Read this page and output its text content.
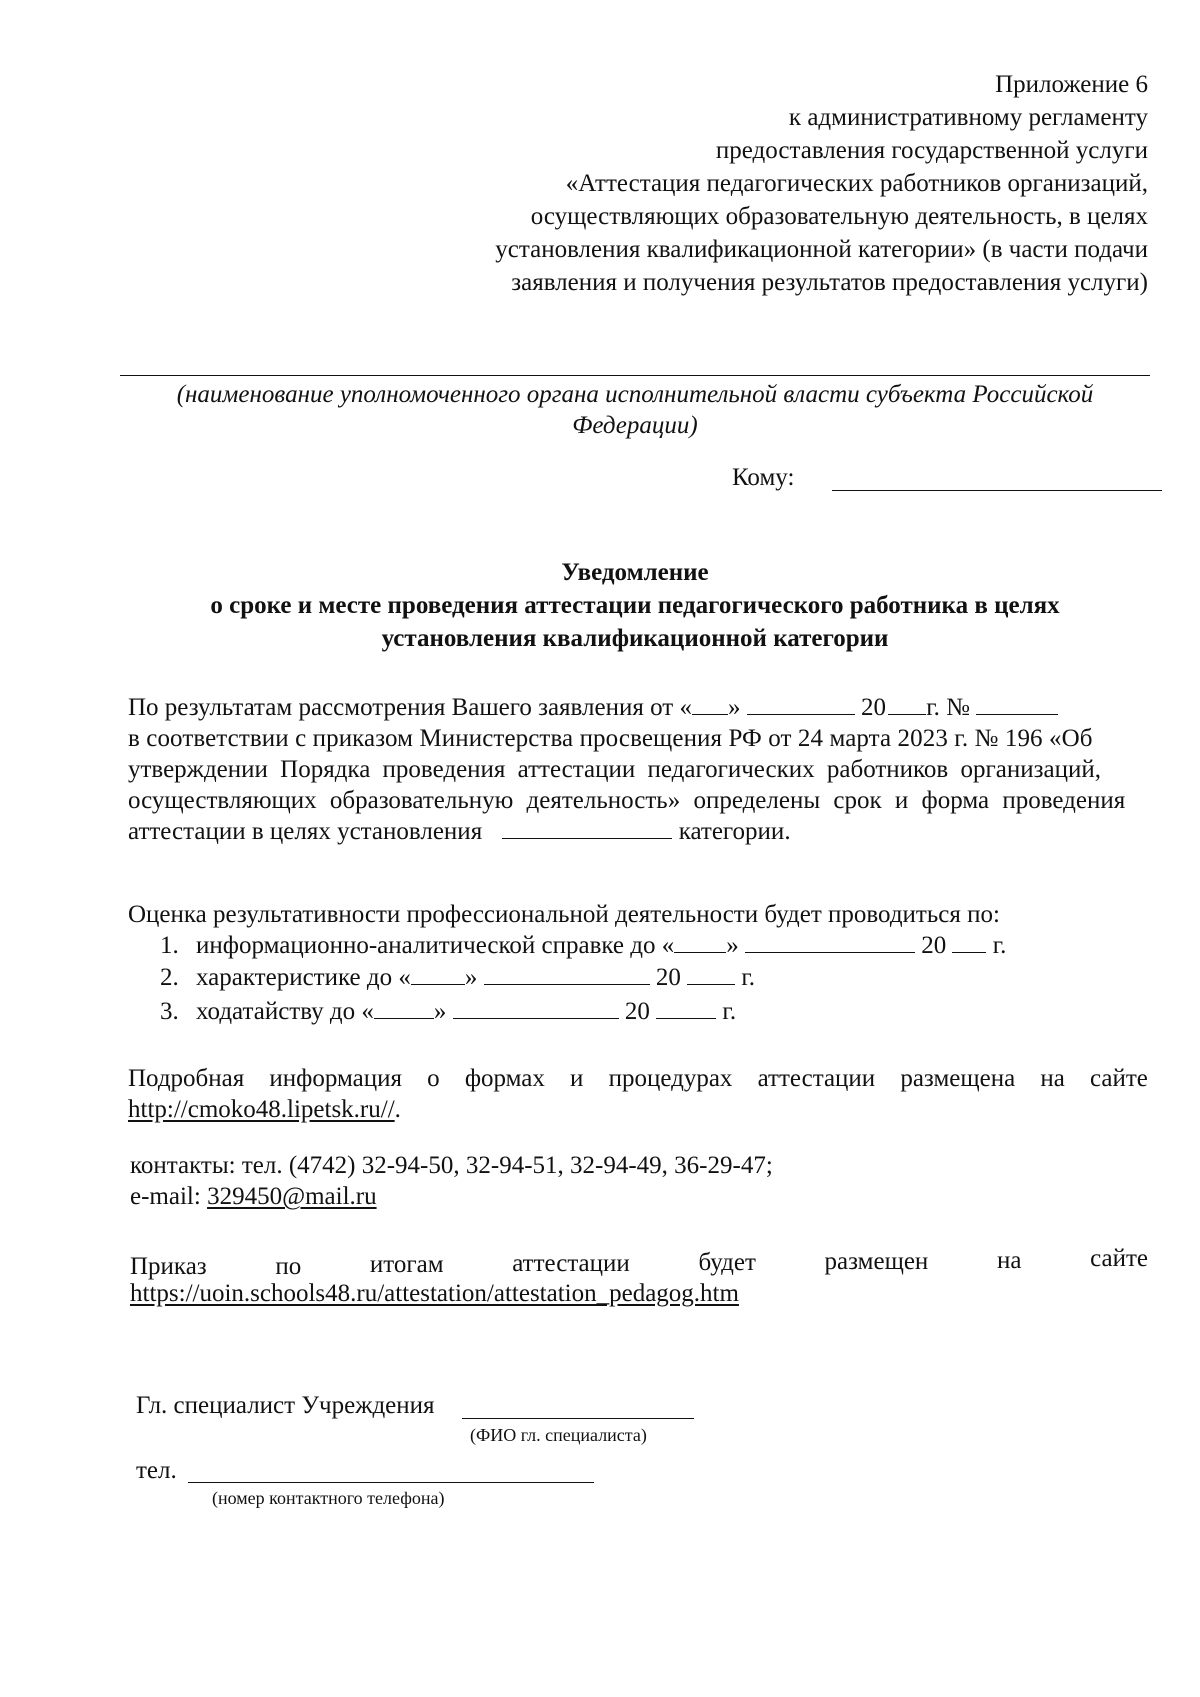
Приложение 6
к административному регламенту
предоставления государственной услуги
«Аттестация педагогических работников организаций,
осуществляющих образовательную деятельность, в целях
установления квалификационной категории» (в части подачи
заявления и получения результатов предоставления услуги)
(наименование уполномоченного органа исполнительной власти субъекта Российской
Федерации)
Кому:
Уведомление
о сроке и месте проведения аттестации педагогического работника в целях
установления квалификационной категории
По результатам рассмотрения Вашего заявления от « »	20 г. №
в соответствии с приказом Министерства просвещения РФ от 24 марта 2023 г. № 196 «Об
утверждении Порядка проведения аттестации педагогических работников организаций,
осуществляющих образовательную деятельность» определены срок и форма проведения
аттестации в целях установления	категории.
Оценка результативности профессиональной деятельности будет проводиться по:
1. информационно-аналитической справке до « »	20 г.
2. характеристике до « »	20 г.
3. ходатайству до « »	20	г.
Подробная информация о формах и процедурах аттестации размещена на сайте
http://cmoko48.lipetsk.ru//.
контакты: тел. (4742) 32-94-50, 32-94-51, 32-94-49, 36-29-47;
e-mail: 329450@mail.ru
Приказ	по	итогам	аттестации	будет	размещен	на	сайте
https://uoin.schools48.ru/attestation/attestation_pedagog.htm
Гл. специалист Учреждения
(ФИО гл. специалиста)
тел.
(номер контактного телефона)
